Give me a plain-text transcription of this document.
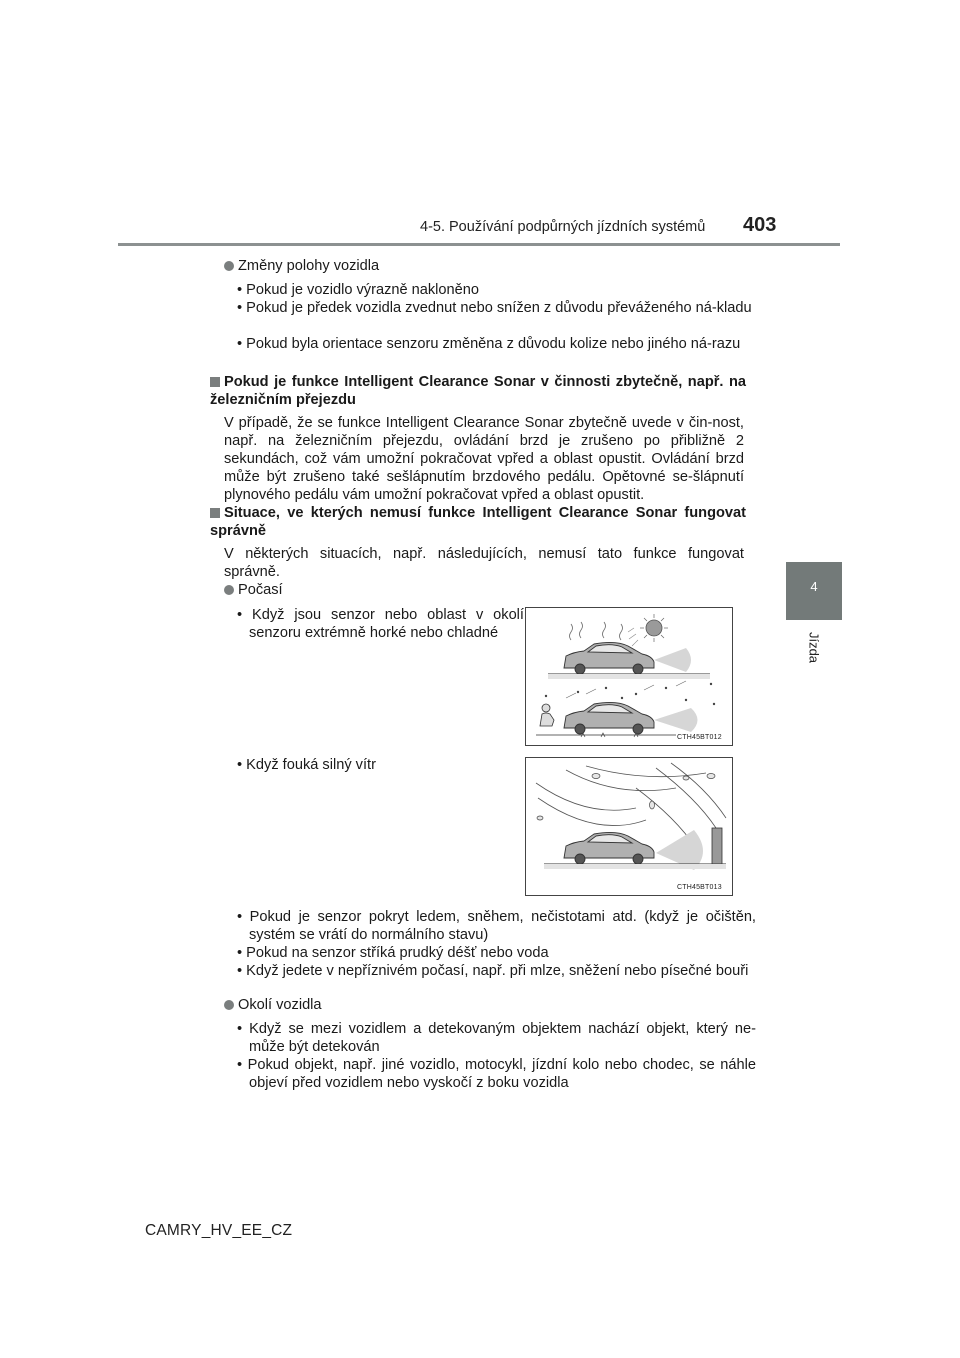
4-5. Používání podpůrných jízdních systémů 403
4
Jízda
Změny polohy vozidla
• Pokud je vozidlo výrazně nakloněno
• Pokud je předek vozidla zvednut nebo snížen z důvodu převáženého ná-kladu
• Pokud byla orientace senzoru změněna z důvodu kolize nebo jiného ná-razu
Pokud je funkce Intelligent Clearance Sonar v činnosti zbytečně, např. na železničním přejezdu
V případě, že se funkce Intelligent Clearance Sonar zbytečně uvede v čin-nost, např. na železničním přejezdu, ovládání brzd je zrušeno po přibližně 2 sekundách, což vám umožní pokračovat vpřed a oblast opustit. Ovládání brzd může být zrušeno také sešlápnutím brzdového pedálu. Opětovné se-šlápnutí plynového pedálu vám umožní pokračovat vpřed a oblast opustit.
Situace, ve kterých nemusí funkce Intelligent Clearance Sonar fungovat správně
V některých situacích, např. následujících, nemusí tato funkce fungovat správně.
Počasí
• Když jsou senzor nebo oblast v okolí senzoru extrémně horké nebo chladné
• Když fouká silný vítr
CTH45BT012
CTH45BT013
• Pokud je senzor pokryt ledem, sněhem, nečistotami atd. (když je očištěn, systém se vrátí do normálního stavu)
• Pokud na senzor stříká prudký déšť nebo voda
• Když jedete v nepříznivém počasí, např. při mlze, sněžení nebo písečné bouři
Okolí vozidla
• Když se mezi vozidlem a detekovaným objektem nachází objekt, který ne-může být detekován
• Pokud objekt, např. jiné vozidlo, motocykl, jízdní kolo nebo chodec, se náhle objeví před vozidlem nebo vyskočí z boku vozidla
CAMRY_HV_EE_CZ
